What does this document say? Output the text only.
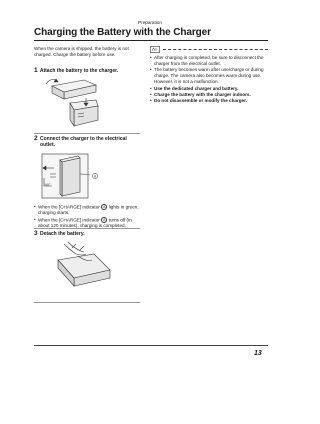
Preparation
Charging the Battery with the Charger
When the camera is shipped, the battery is not charged. Charge the battery before use.
1 Attach the battery to the charger.
2 Connect the charger to the electrical outlet.
90°
A
• When the [CHARGE] indicator A lights in green, charging starts.
• When the [CHARGE] indicator A turns off (in about 120 minutes), charging is completed.
3 Detach the battery.
• After charging is completed, be sure to disconnect the charger from the electrical outlet.
• The battery becomes warm after use/charge or during charge. The camera also becomes warm during use. However, it is not a malfunction.
• Use the dedicated charger and battery.
• Charge the battery with the charger indoors.
• Do not disassemble or modify the charger.
13
